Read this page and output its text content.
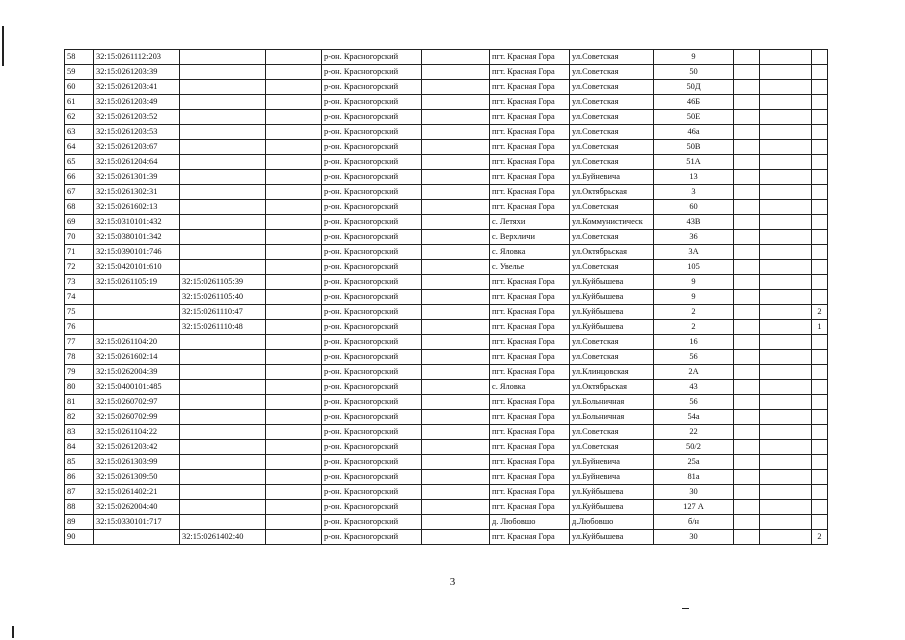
58	32:15:0261112:203			р-он. Красногорский		пгт. Красная Гора	ул.Советская	9			
59	32:15:0261203:39			р-он. Красногорский		пгт. Красная Гора	ул.Советская	50			
60	32:15:0261203:41			р-он. Красногорский		пгт. Красная Гора	ул.Советская	50Д			
61	32:15:0261203:49			р-он. Красногорский		пгт. Красная Гора	ул.Советская	46Б			
62	32:15:0261203:52			р-он. Красногорский		пгт. Красная Гора	ул.Советская	50Е			
63	32:15:0261203:53			р-он. Красногорский		пгт. Красная Гора	ул.Советская	46а			
64	32:15:0261203:67			р-он. Красногорский		пгт. Красная Гора	ул.Советская	50В			
65	32:15:0261204:64			р-он. Красногорский		пгт. Красная Гора	ул.Советская	51А			
66	32:15:0261301:39			р-он. Красногорский		пгт. Красная Гора	ул.Буйневича	13			
67	32:15:0261302:31			р-он. Красногорский		пгт. Красная Гора	ул.Октябрьская	3			
68	32:15:0261602:13			р-он. Красногорский		пгт. Красная Гора	ул.Советская	60			
69	32:15:0310101:432			р-он. Красногорский		с. Летяхи	ул.Коммунистическ	43В			
70	32:15:0380101:342			р-он. Красногорский		с. Верхличи	ул.Советская	36			
71	32:15:0390101:746			р-он. Красногорский		с. Яловка	ул.Октябрьская	3А			
72	32:15:0420101:610			р-он. Красногорский		с. Увелье	ул.Советская	105			
73	32:15:0261105:19	32:15:0261105:39		р-он. Красногорский		пгт. Красная Гора	ул.Куйбышева	9			
74		32:15:0261105:40		р-он. Красногорский		пгт. Красная Гора	ул.Куйбышева	9			
75		32:15:0261110:47		р-он. Красногорский		пгт. Красная Гора	ул.Куйбышева	2			2
76		32:15:0261110:48		р-он. Красногорский		пгт. Красная Гора	ул.Куйбышева	2			1
77	32:15:0261104:20			р-он. Красногорский		пгт. Красная Гора	ул.Советская	16			
78	32:15:0261602:14			р-он. Красногорский		пгт. Красная Гора	ул.Советская	56			
79	32:15:0262004:39			р-он. Красногорский		пгт. Красная Гора	ул.Клинцовская	2А			
80	32:15:0400101:485			р-он. Красногорский		с. Яловка	ул.Октябрьская	43			
81	32:15:0260702:97			р-он. Красногорский		пгт. Красная Гора	ул.Больничная	56			
82	32:15:0260702:99			р-он. Красногорский		пгт. Красная Гора	ул.Больничная	54а			
83	32:15:0261104:22			р-он. Красногорский		пгт. Красная Гора	ул.Советская	22			
84	32:15:0261203:42			р-он. Красногорский		пгт. Красная Гора	ул.Советская	50/2			
85	32:15:0261303:99			р-он. Красногорский		пгт. Красная Гора	ул.Буйневича	25а			
86	32:15:0261309:50			р-он. Красногорский		пгт. Красная Гора	ул.Буйневича	81а			
87	32:15:0261402:21			р-он. Красногорский		пгт. Красная Гора	ул.Куйбышева	30			
88	32:15:0262004:40			р-он. Красногорский		пгт. Красная Гора	ул.Куйбышева	127 А			
89	32:15:0330101:717			р-он. Красногорский		д. Любовшо	д.Любовшо	б/н			
90		32:15:0261402:40		р-он. Красногорский		пгт. Красная Гора	ул.Куйбышева	30			2
3
